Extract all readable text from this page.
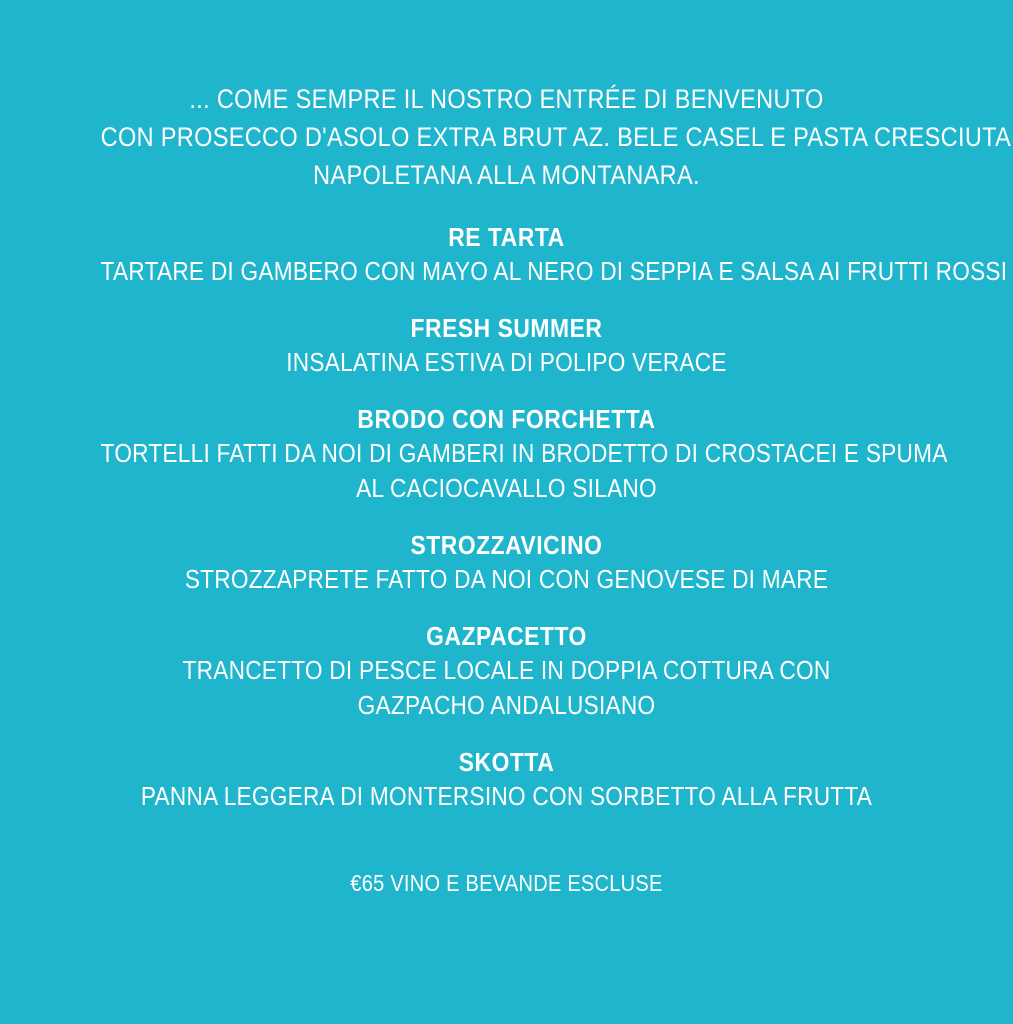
... COME SEMPRE IL NOSTRO ENTRÉE DI BENVENUTO
CON PROSECCO D'ASOLO EXTRA BRUT AZ. BELE CASEL E PASTA CRESCIUTA
NAPOLETANA ALLA MONTANARA.
RE TARTA
TARTARE DI GAMBERO CON MAYO AL NERO DI SEPPIA E SALSA AI FRUTTI ROSSI
FRESH SUMMER
INSALATINA ESTIVA DI POLIPO VERACE
BRODO CON FORCHETTA
TORTELLI FATTI DA NOI DI GAMBERI IN BRODETTO DI CROSTACEI E SPUMA
AL CACIOCAVALLO SILANO
STROZZAVICINO
STROZZAPRETE FATTO DA NOI CON GENOVESE DI MARE
GAZPACETTO
TRANCETTO DI PESCE LOCALE IN DOPPIA COTTURA CON
GAZPACHO ANDALUSIANO
SKOTTA
PANNA LEGGERA DI MONTERSINO CON SORBETTO ALLA FRUTTA
€65 VINO E BEVANDE ESCLUSE
